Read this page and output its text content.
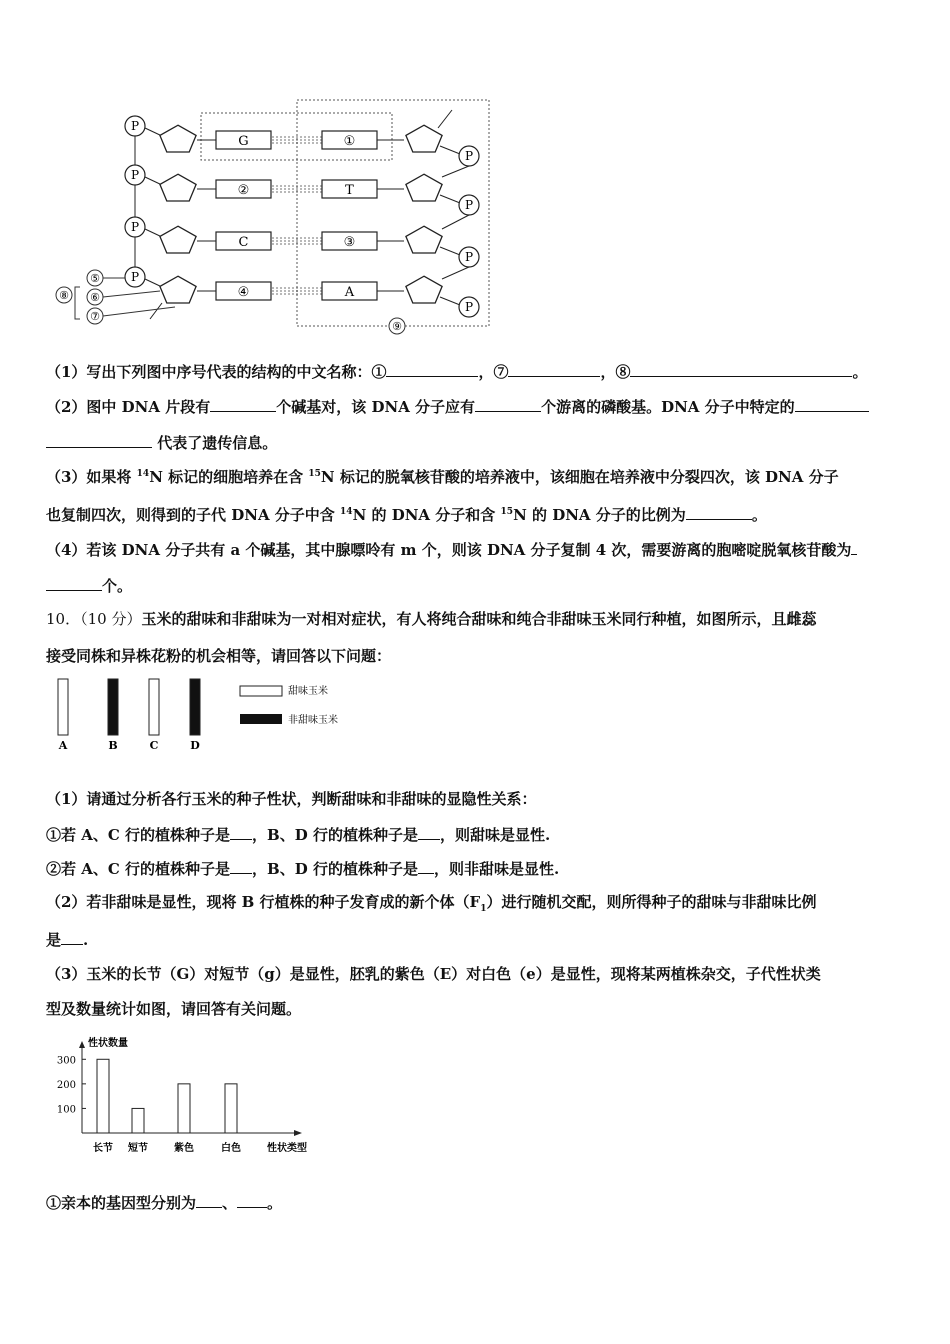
P
G	①
P
P
②	T
P
P
C	③
P
P
④	A
P
⑧
⑤
⑥
⑦
⑨
（1）写出下列图中序号代表的结构的中文名称：①	，⑦	，⑧	。
（2）图中 DNA 片段有	个碱基对，该 DNA 分子应有	个游离的磷酸基。DNA 分子中特定的
代表了遗传信息。
（3）如果将 $^{14}$N 标记的细胞培养在含 $^{15}$N 标记的脱氧核苷酸的培养液中，该细胞在培养液中分裂四次，该 DNA 分子
也复制四次，则得到的子代 DNA 分子中含 $^{14}$N 的 DNA 分子和含 $^{15}$N 的 DNA 分子的比例为	。
（4）若该 DNA 分子共有 a 个碱基，其中腺嘌呤有 m 个，则该 DNA 分子复制 4 次，需要游离的胞嘧啶脱氧核苷酸为
个。
10．（10 分）玉米的甜味和非甜味为一对相对症状，有人将纯合甜味和纯合非甜味玉米同行种植，如图所示，且雌蕊
接受同株和异株花粉的机会相等，请回答以下问题：
A	B	C	D
甜味玉米
非甜味玉米
（1）请通过分析各行玉米的种子性状，判断甜味和非甜味的显隐性关系：
①若 A、C 行的植株种子是 ，B、D 行的植株种子是 ，则甜味是显性.
②若 A、C 行的植株种子是 ，B、D 行的植株种子是 ，则非甜味是显性.
（2）若非甜味是显性，现将 B 行植株的种子发育成的新个体$(F_1)$进行随机交配，则所得种子的甜味与非甜味比例
是 .
（3）玉米的长节（G）对短节（g）是显性，胚乳的紫色（E）对白色（e）是显性，现将某两植株杂交，子代性状类
型及数量统计如图，请回答有关问题。
性状数量
性状类型
100
200
300
长节 短节	紫色	白色
①亲本的基因型分别为 、 。
